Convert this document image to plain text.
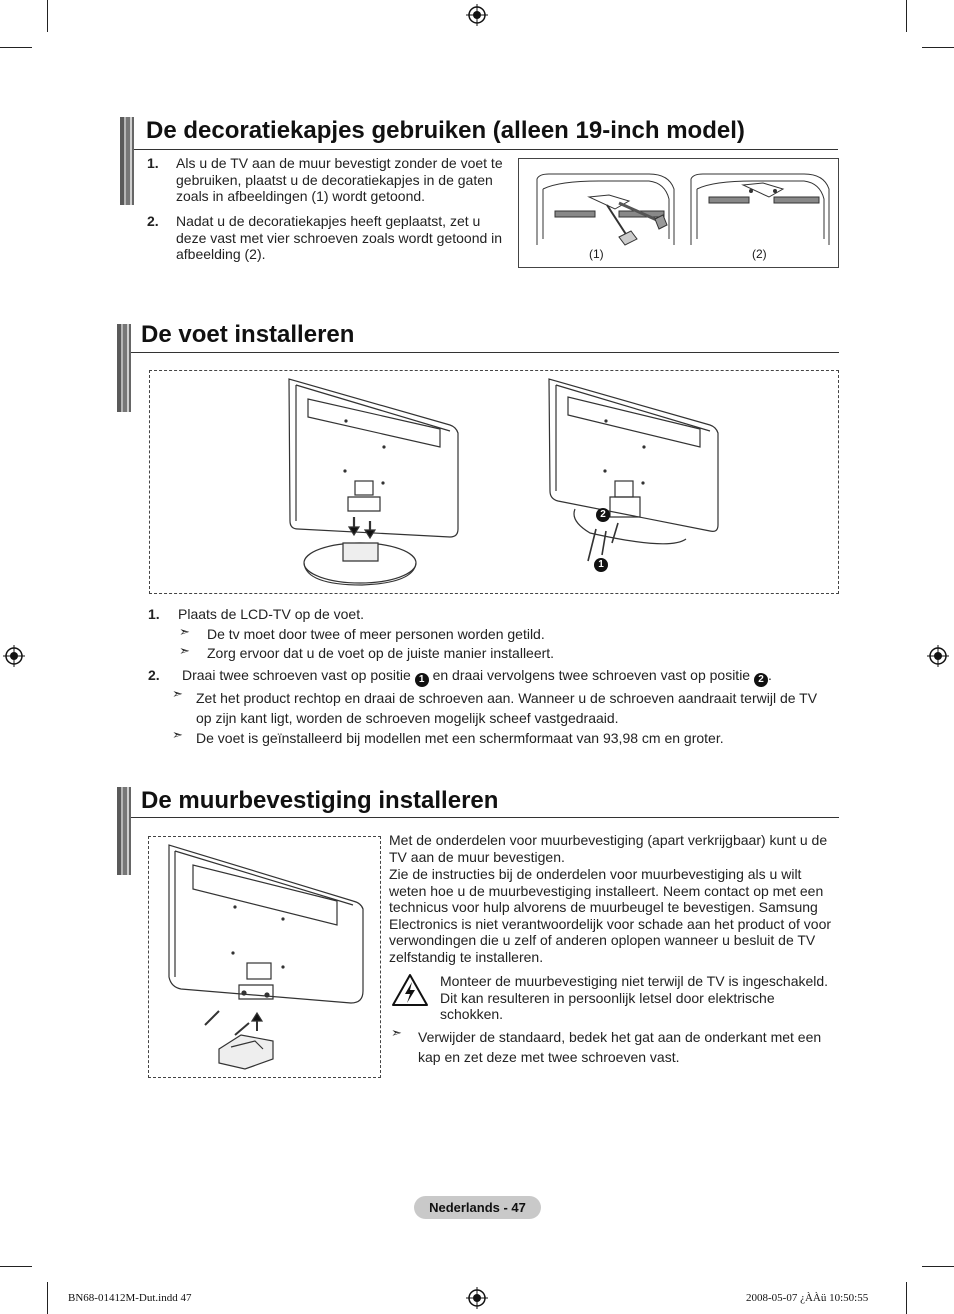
De decoratiekapjes gebruiken (alleen 19-inch model)
1. Als u de TV aan de muur bevestigt zonder de voet te gebruiken, plaatst u de decoratiekapjes in de gaten zoals in afbeeldingen (1) wordt getoond.
2. Nadat u de decoratiekapjes heeft geplaatst, zet u deze vast met vier schroeven zoals wordt getoond in afbeelding (2).	(1)	(2)
De voet installeren
2
1
1. Plaats de LCD-TV op de voet.
➣ De tv moet door twee of meer personen worden getild.
➣ Zorg ervoor dat u de voet op de juiste manier installeert.
2. Draai twee schroeven vast op positie 1 en draai vervolgens twee schroeven vast op positie 2 .
➣ Zet het product rechtop en draai de schroeven aan. Wanneer u de schroeven aandraait terwijl de TV op zijn kant ligt, worden de schroeven mogelijk scheef vastgedraaid.
➣ De voet is geïnstalleerd bij modellen met een schermformaat van 93,98 cm en groter.
De muurbevestiging installeren
Met de onderdelen voor muurbevestiging (apart verkrijgbaar) kunt u de TV aan de muur bevestigen.
Zie de instructies bij de onderdelen voor muurbevestiging als u wilt weten hoe u de muurbevestiging installeert. Neem contact op met een technicus voor hulp alvorens de muurbeugel te bevestigen. Samsung Electronics is niet verantwoordelijk voor schade aan het product of voor verwondingen die u zelf of anderen oplopen wanneer u besluit de TV zelfstandig te installeren.
Monteer de muurbevestiging niet terwijl de TV is ingeschakeld. Dit kan resulteren in persoonlijk letsel door elektrische schokken.
➣ Verwijder de standaard, bedek het gat aan de onderkant met een kap en zet deze met twee schroeven vast.
Nederlands - 47
BN68-01412M-Dut.indd 47	2008-05-07 ¿ÀÀü 10:50:55
